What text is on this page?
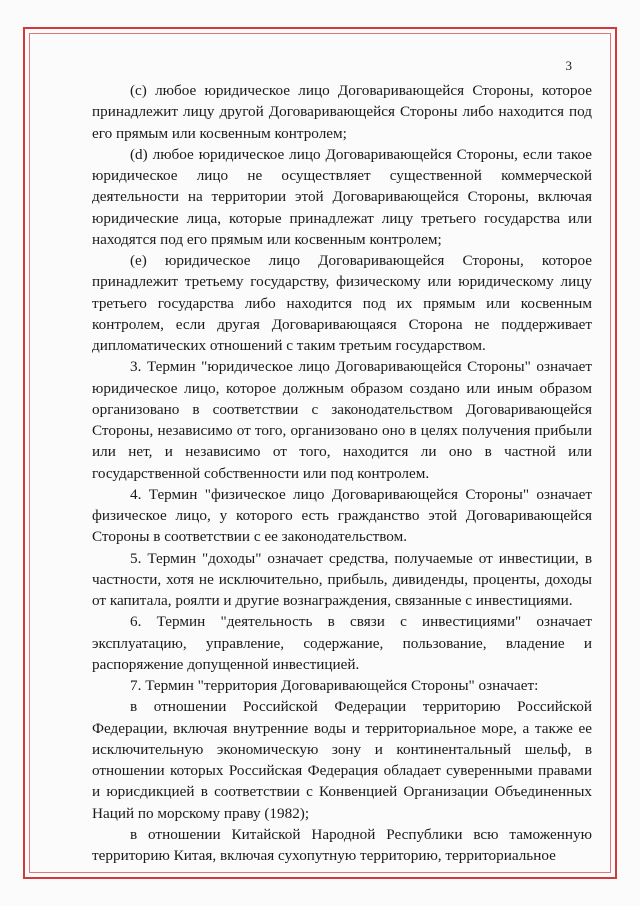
3

(c) любое юридическое лицо Договаривающейся Стороны, которое принадлежит лицу другой Договаривающейся Стороны либо находится под его прямым или косвенным контролем;

(d) любое юридическое лицо Договаривающейся Стороны, если такое юридическое лицо не осуществляет существенной коммерческой деятельности на территории этой Договаривающейся Стороны, включая юридические лица, которые принадлежат лицу третьего государства или находятся под его прямым или косвенным контролем;

(e) юридическое лицо Договаривающейся Стороны, которое принадлежит третьему государству, физическому или юридическому лицу третьего государства либо находится под их прямым или косвенным контролем, если другая Договаривающаяся Сторона не поддерживает дипломатических отношений с таким третьим государством.

3. Термин "юридическое лицо Договаривающейся Стороны" означает юридическое лицо, которое должным образом создано или иным образом организовано в соответствии с законодательством Договаривающейся Стороны, независимо от того, организовано оно в целях получения прибыли или нет, и независимо от того, находится ли оно в частной или государственной собственности или под контролем.

4. Термин "физическое лицо Договаривающейся Стороны" означает физическое лицо, у которого есть гражданство этой Договаривающейся Стороны в соответствии с ее законодательством.

5. Термин "доходы" означает средства, получаемые от инвестиции, в частности, хотя не исключительно, прибыль, дивиденды, проценты, доходы от капитала, роялти и другие вознаграждения, связанные с инвестициями.

6. Термин "деятельность в связи с инвестициями" означает эксплуатацию, управление, содержание, пользование, владение и распоряжение допущенной инвестицией.

7. Термин "территория Договаривающейся Стороны" означает:

в отношении Российской Федерации территорию Российской Федерации, включая внутренние воды и территориальное море, а также ее исключительную экономическую зону и континентальный шельф, в отношении которых Российская Федерация обладает суверенными правами и юрисдикцией в соответствии с Конвенцией Организации Объединенных Наций по морскому праву (1982);

в отношении Китайской Народной Республики всю таможенную территорию Китая, включая сухопутную территорию, территориальное
